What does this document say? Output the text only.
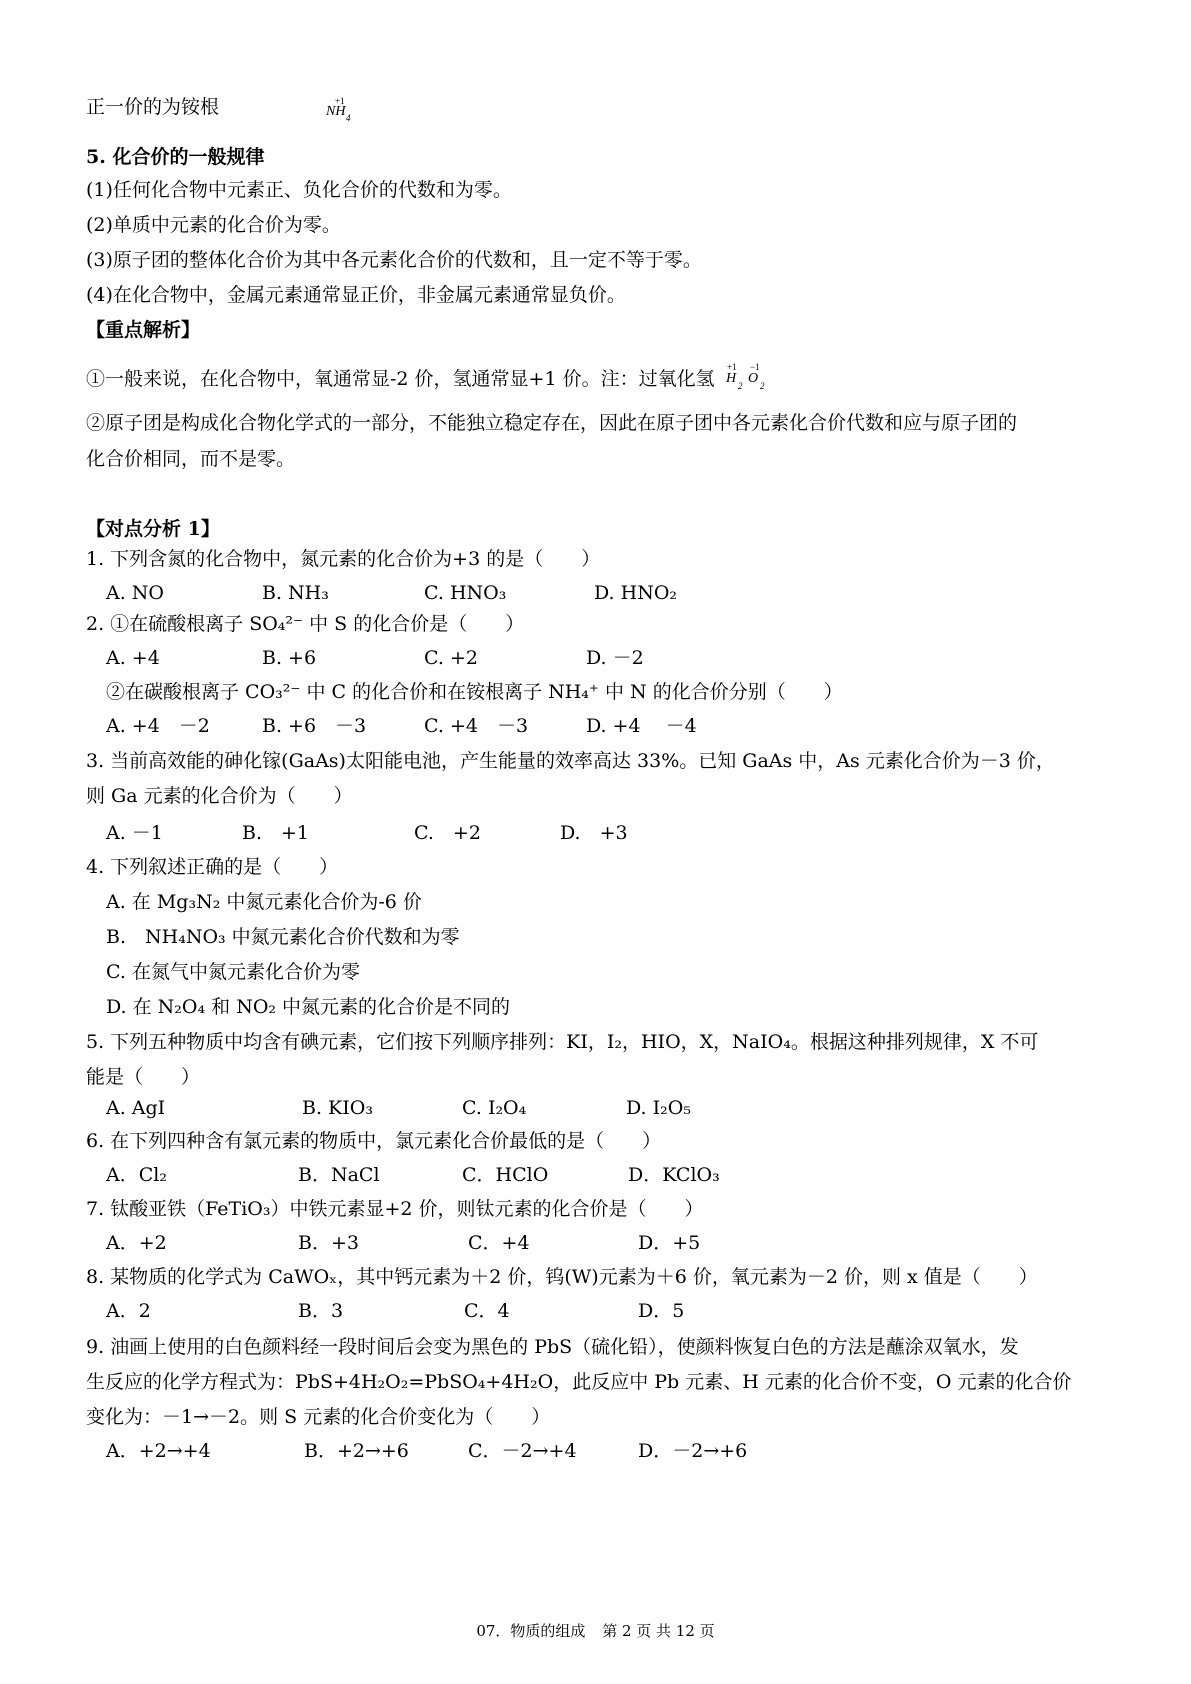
正一价的为铵根	+1
NH 4
5. 化合价的一般规律
(1)任何化合物中元素正、负化合价的代数和为零。
(2)单质中元素的化合价为零。
(3)原子团的整体化合价为其中各元素化合价的代数和，且一定不等于零。
(4)在化合物中，金属元素通常显正价，非金属元素通常显负价。
【重点解析】
①一般来说，在化合物中，氧通常显-2 价，氢通常显+1 价。注：过氧化氢
+1 −1
H 2 O 2
②原子团是构成化合物化学式的一部分，不能独立稳定存在，因此在原子团中各元素化合价代数和应与原子团的
化合价相同，而不是零。
【对点分析 1】
1. 下列含氮的化合物中，氮元素的化合价为+3 的是（　　）
A. NO	B. NH₃	C. HNO₃	D. HNO₂
2. ①在硫酸根离子 SO₄²⁻ 中 S 的化合价是（　　）
A. +4	B. +6	C. +2	D. －2
②在碳酸根离子 CO₃²⁻ 中 C 的化合价和在铵根离子 NH₄⁺ 中 N 的化合价分别（　　）
A. +4　－2	B. +6　－3	C. +4　－3	D. +4　 －4
3. 当前高效能的砷化镓(GaAs)太阳能电池，产生能量的效率高达 33%。已知 GaAs 中，As 元素化合价为－3 价，
则 Ga 元素的化合价为（　　）
A. －1	B.　+1	C.　+2	D.　+3
4. 下列叙述正确的是（　　）
A. 在 Mg₃N₂ 中氮元素化合价为-6 价
B.　NH₄NO₃ 中氮元素化合价代数和为零
C. 在氮气中氮元素化合价为零
D. 在 N₂O₄ 和 NO₂ 中氮元素的化合价是不同的
5. 下列五种物质中均含有碘元素，它们按下列顺序排列：KI，I₂，HIO，X，NaIO₄。根据这种排列规律，X 不可
能是（　　）
A. AgI	B. KIO₃	C. I₂O₄	D. I₂O₅
6. 在下列四种含有氯元素的物质中，氯元素化合价最低的是（　　）
A．Cl₂	B．NaCl	C．HClO	D．KClO₃
7. 钛酸亚铁（FeTiO₃）中铁元素显+2 价，则钛元素的化合价是（　　）
A．+2	B．+3	C．+4	D．+5
8. 某物质的化学式为 CaWOₓ，其中钙元素为＋2 价，钨(W)元素为＋6 价，氧元素为－2 价，则 x 值是（　　）
A．2	B．3	C．4	D．5
9. 油画上使用的白色颜料经一段时间后会变为黑色的 PbS（硫化铅），使颜料恢复白色的方法是蘸涂双氧水，发
生反应的化学方程式为：PbS+4H₂O₂=PbSO₄+4H₂O，此反应中 Pb 元素、H 元素的化合价不变，O 元素的化合价
变化为：－1→－2。则 S 元素的化合价变化为（　　）
A．+2→+4	B．+2→+6	C．－2→+4	D．－2→+6
07．物质的组成 第 2 页 共 12 页
